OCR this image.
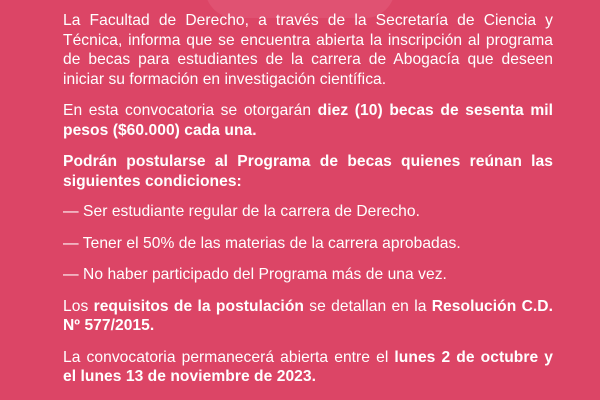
La Facultad de Derecho, a través de la Secretaría de Ciencia y Técnica, informa que se encuentra abierta la inscripción al programa de becas para estudiantes de la carrera de Abogacía que deseen iniciar su formación en investigación científica.

En esta convocatoria se otorgarán diez (10) becas de sesenta mil pesos ($60.000) cada una.

Podrán postularse al Programa de becas quienes reúnan las siguientes condiciones:

— Ser estudiante regular de la carrera de Derecho.
— Tener el 50% de las materias de la carrera aprobadas.
— No haber participado del Programa más de una vez.

Los requisitos de la postulación se detallan en la Resolución C.D. Nº 577/2015.

La convocatoria permanecerá abierta entre el lunes 2 de octubre y el lunes 13 de noviembre de 2023.
